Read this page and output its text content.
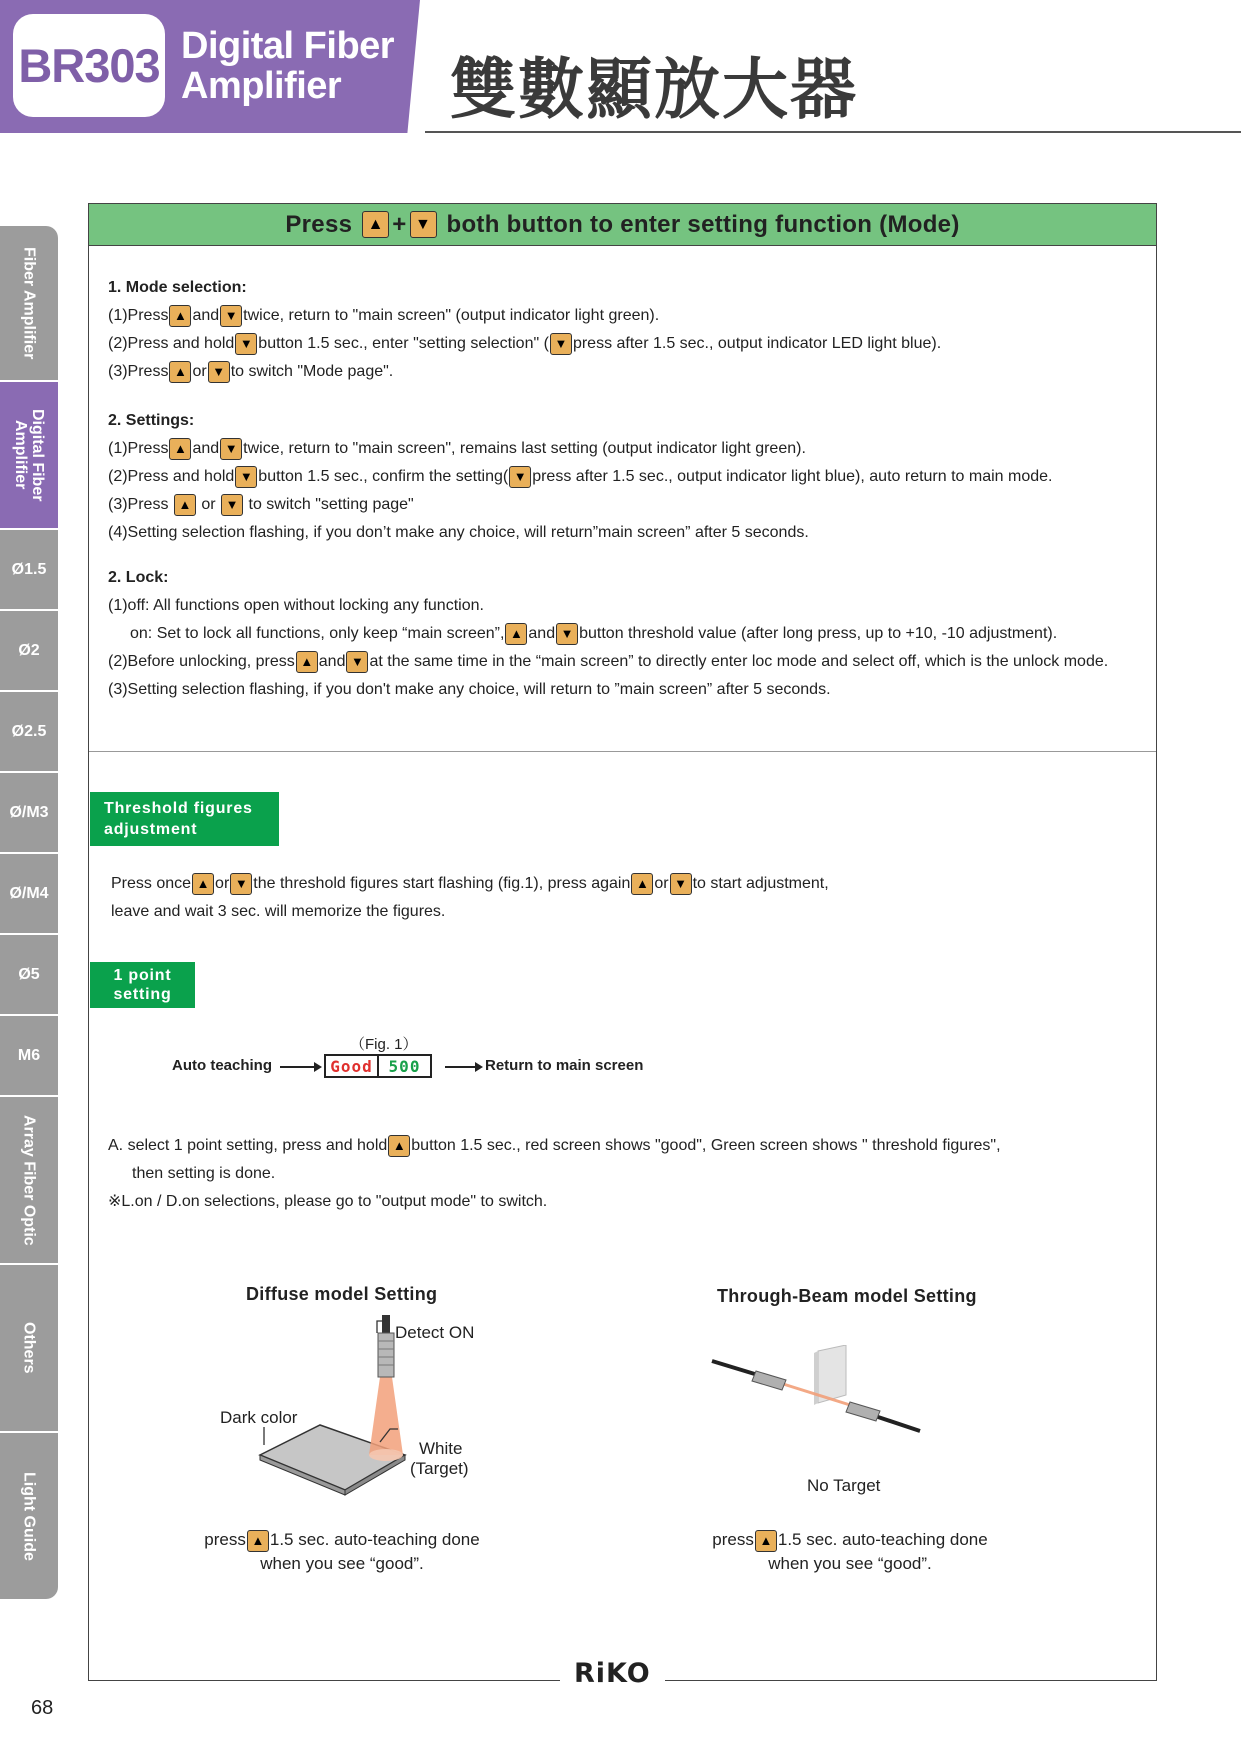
BR303 Digital Fiber
Amplifier	雙數顯放大器
Fiber Amplifier
Digital Fiber Amplifier
Ø1.5
Ø2
Ø2.5
Ø/M3
Ø/M4
Ø5
M6
Array Fiber Optic
Others
Light Guide
Press
▲ + ▼
both button to enter setting function (Mode)

1. Mode selection:

(1)Press ▲ and ▼ twice, return to "main screen" (output indicator light green).

(2)Press and hold ▼ button 1.5 sec., enter "setting selection" ( ▼ press after 1.5 sec., output indicator LED light blue).

(3)Press ▲ or ▼ to switch "Mode page".

2. Settings:

(1)Press ▲ and ▼ twice, return to "main screen", remains last setting (output indicator light green).

(2)Press and hold ▼ button 1.5 sec., confirm the setting( ▼ press after 1.5 sec., output indicator light blue), auto return to main mode.

(3)Press ▲ or ▼ to switch "setting page"

(4)Setting selection flashing, if you don’t make any choice, will return”main screen” after 5 seconds.

2. Lock:

(1)off: All functions open without locking any function.

on: Set to lock all functions, only keep “main screen”, ▲ and ▼ button threshold value (after long press, up to +10, -10 adjustment).

(2)Before unlocking, press ▲ and ▼ at the same time in the “main screen” to directly enter loc mode and select off, which is the unlock mode.

(3)Setting selection flashing, if you don't make any choice, will return to ”main screen” after 5 seconds.

Threshold figures
adjustment

Press once ▲ or ▼ the threshold figures start flashing (fig.1), press again ▲ or ▼ to start adjustment,

leave and wait 3 sec. will memorize the figures.

1 point
setting
（Fig. 1）
Auto teaching	Good 500	Return to main screen

A. select 1 point setting, press and hold ▲ button 1.5 sec., red screen shows "good", Green screen shows " threshold figures",

then setting is done.

※L.on / D.on selections, please go to "output mode" to switch.

Diffuse model Setting
Detect ON
Dark color
White
(Target)
press ▲ 1.5 sec. auto-teaching done
when you see “good”.
Through-Beam model Setting
No Target
press ▲ 1.5 sec. auto-teaching done
when you see “good”.
RiKO
68
